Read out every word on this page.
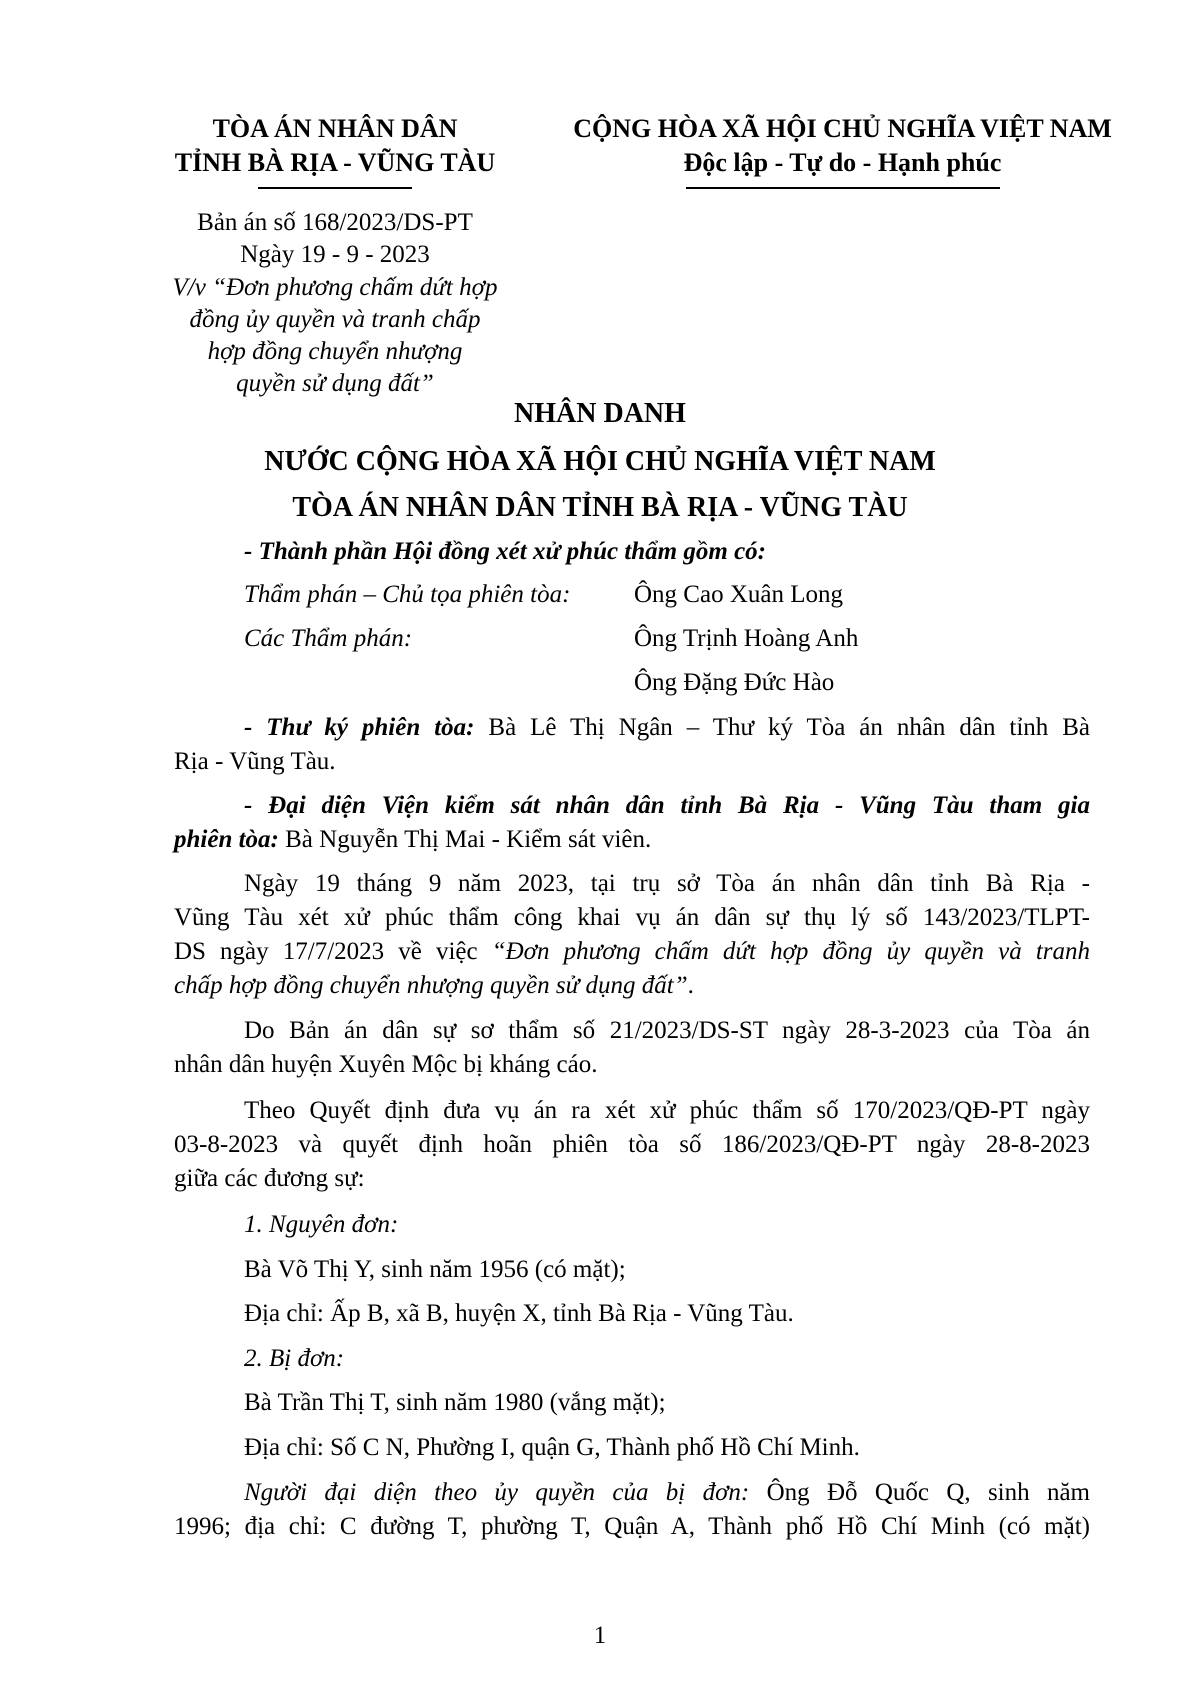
TÒA ÁN NHÂN DÂN
TỈNH BÀ RỊA - VŨNG TÀU
CỘNG HÒA XÃ HỘI CHỦ NGHĨA VIỆT NAM
Độc lập - Tự do - Hạnh phúc
Bản án số 168/2023/DS-PT
Ngày 19 - 9 - 2023
V/v “Đơn phương chấm dứt hợp
đồng ủy quyền và tranh chấp
hợp đồng chuyển nhượng
quyền sử dụng đất”
NHÂN DANH
NƯỚC CỘNG HÒA XÃ HỘI CHỦ NGHĨA VIỆT NAM
TÒA ÁN NHÂN DÂN TỈNH BÀ RỊA - VŨNG TÀU
- Thành phần Hội đồng xét xử phúc thẩm gồm có:
Thẩm phán – Chủ tọa phiên tòa:	Ông Cao Xuân Long
Các Thẩm phán:	Ông Trịnh Hoàng Anh
Ông Đặng Đức Hào
- Thư ký phiên tòa: Bà Lê Thị Ngân – Thư ký Tòa án nhân dân tỉnh Bà
Rịa - Vũng Tàu.
- Đại diện Viện kiểm sát nhân dân tỉnh Bà Rịa - Vũng Tàu tham gia
phiên tòa: Bà Nguyễn Thị Mai - Kiểm sát viên.
Ngày 19 tháng 9 năm 2023, tại trụ sở Tòa án nhân dân tỉnh Bà Rịa -
Vũng Tàu xét xử phúc thẩm công khai vụ án dân sự thụ lý số 143/2023/TLPT-
DS ngày 17/7/2023 về việc “Đơn phương chấm dứt hợp đồng ủy quyền và tranh
chấp hợp đồng chuyển nhượng quyền sử dụng đất”.
Do Bản án dân sự sơ thẩm số 21/2023/DS-ST ngày 28-3-2023 của Tòa án
nhân dân huyện Xuyên Mộc bị kháng cáo.
Theo Quyết định đưa vụ án ra xét xử phúc thẩm số 170/2023/QĐ-PT ngày
03-8-2023 và quyết định hoãn phiên tòa số 186/2023/QĐ-PT ngày 28-8-2023
giữa các đương sự:
1. Nguyên đơn:
Bà Võ Thị Y, sinh năm 1956 (có mặt);
Địa chỉ: Ấp B, xã B, huyện X, tỉnh Bà Rịa - Vũng Tàu.
2. Bị đơn:
Bà Trần Thị T, sinh năm 1980 (vắng mặt);
Địa chỉ: Số C N, Phường I, quận G, Thành phố Hồ Chí Minh.
Người đại diện theo ủy quyền của bị đơn: Ông Đỗ Quốc Q, sinh năm
1996; địa chỉ: C đường T, phường T, Quận A, Thành phố Hồ Chí Minh (có mặt)
1
